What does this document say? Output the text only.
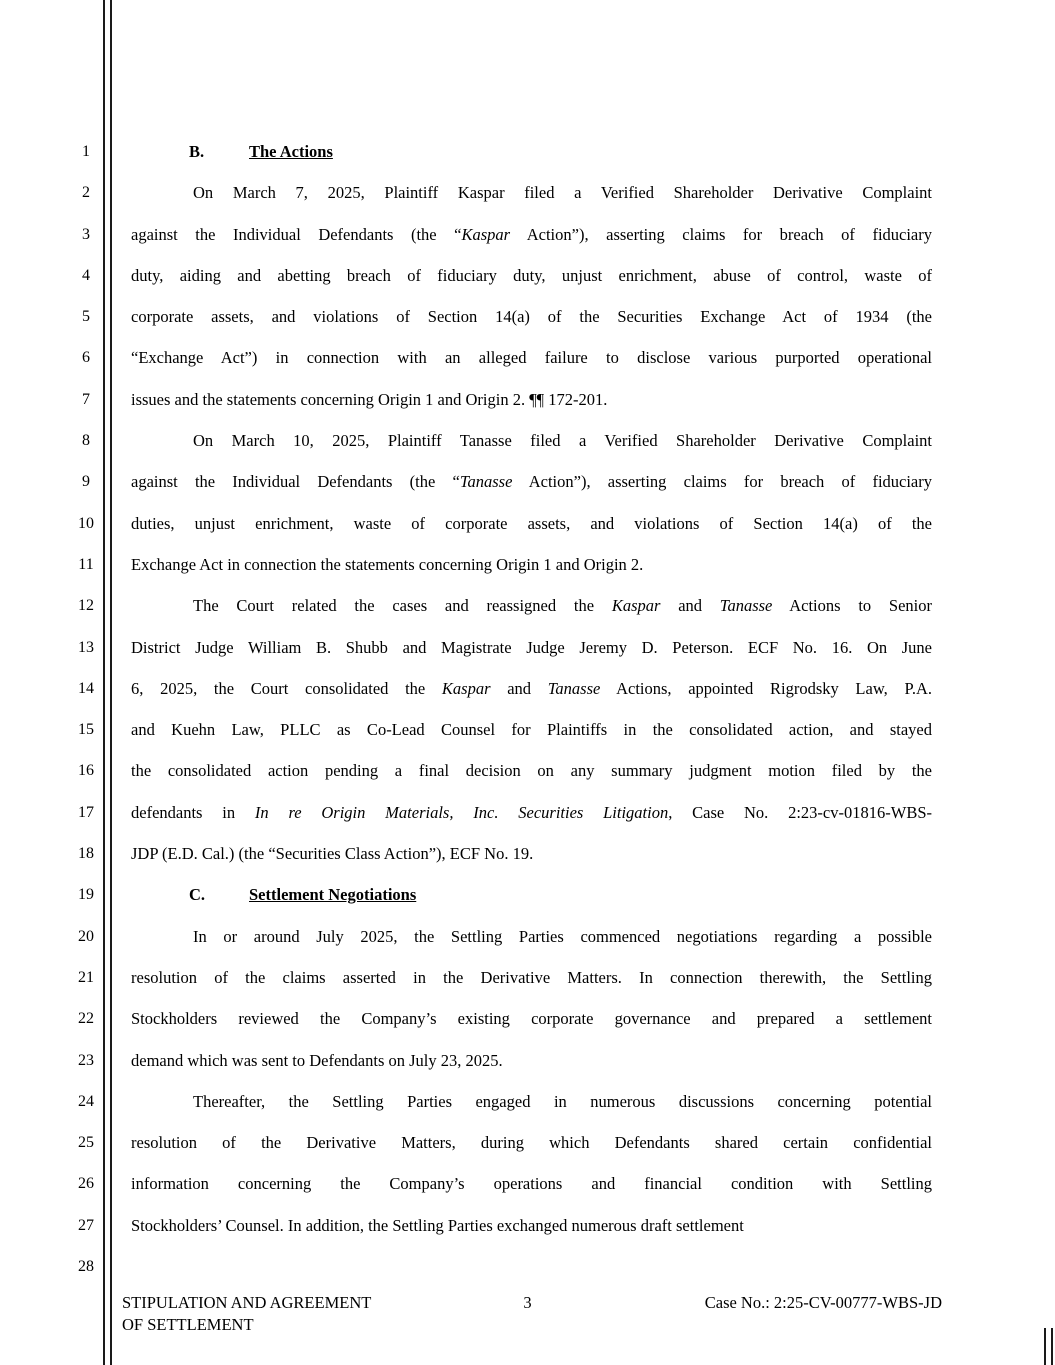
1
2
3
4
5
6
7
8
9
10
11
12
13
14
15
16
17
18
19
20
21
22
23
24
25
26
27
28
B.	The Actions
On March 7, 2025, Plaintiff Kaspar filed a Verified Shareholder Derivative Complaint
against the Individual Defendants (the “Kaspar Action”), asserting claims for breach of fiduciary
duty, aiding and abetting breach of fiduciary duty, unjust enrichment, abuse of control, waste of
corporate assets, and violations of Section 14(a) of the Securities Exchange Act of 1934 (the
“Exchange Act”) in connection with an alleged failure to disclose various purported operational
issues and the statements concerning Origin 1 and Origin 2. ¶¶ 172-201.
On March 10, 2025, Plaintiff Tanasse filed a Verified Shareholder Derivative Complaint
against the Individual Defendants (the “Tanasse Action”), asserting claims for breach of fiduciary
duties, unjust enrichment, waste of corporate assets, and violations of Section 14(a) of the
Exchange Act in connection the statements concerning Origin 1 and Origin 2.
The Court related the cases and reassigned the Kaspar and Tanasse Actions to Senior
District Judge William B. Shubb and Magistrate Judge Jeremy D. Peterson. ECF No. 16. On June
6, 2025, the Court consolidated the Kaspar and Tanasse Actions, appointed Rigrodsky Law, P.A.
and Kuehn Law, PLLC as Co-Lead Counsel for Plaintiffs in the consolidated action, and stayed
the consolidated action pending a final decision on any summary judgment motion filed by the
defendants in In re Origin Materials, Inc. Securities Litigation, Case No. 2:23-cv-01816-WBS-
JDP (E.D. Cal.) (the “Securities Class Action”), ECF No. 19.
C.	Settlement Negotiations
In or around July 2025, the Settling Parties commenced negotiations regarding a possible
resolution of the claims asserted in the Derivative Matters. In connection therewith, the Settling
Stockholders reviewed the Company’s existing corporate governance and prepared a settlement
demand which was sent to Defendants on July 23, 2025.
Thereafter, the Settling Parties engaged in numerous discussions concerning potential
resolution of the Derivative Matters, during which Defendants shared certain confidential
information concerning the Company’s operations and financial condition with Settling
Stockholders’ Counsel. In addition, the Settling Parties exchanged numerous draft settlement
STIPULATION AND AGREEMENT
OF SETTLEMENT
3	Case No.: 2:25-CV-00777-WBS-JD
